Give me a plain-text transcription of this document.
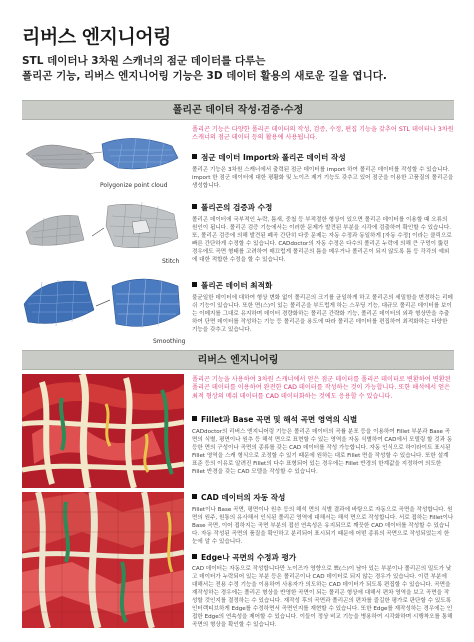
리버스 엔지니어링
STL 데이터나 3차원 스캐너의 점군 데이터를 다루는
폴리곤 기능, 리버스 엔지니어링 기능은 3D 데이터 활용의 새로운 길을 엽니다.
폴리곤 데이터 작성·검증·수정
Polygonize point cloud
Stitch
Smoothing
폴리곤 기능은 다양한 폴리곤 데이터의 작성, 검증, 수정, 편집 기능을 갖추어 STL 데이터나 3차원 스캐너의 점군 데이터 등의 활용에 사용됩니다.
점군 데이터 Import와 폴리곤 데이터 작성
폴리곤 기능은 3차원 스캐너에서 출력된 점군 데이터를 import 하여 폴리곤 데이터를 작성할 수 있습니다. import 한 점군 데이터에 대한 평활화 및 노이즈 제거 기능도 갖추고 있어 점군을 이용한 고품질의 폴리곤을 생성합니다.
폴리곤의 검증과 수정
폴리곤 데이터에 국부적인 누락, 틈새, 중첩 등 부적절한 형상이 있으면 폴리곤 데이터를 이용할 때 오류의 원인이 됩니다. 폴리곤 검증 기능에서는 이러한 문제가 발견된 부분을 시각에 검출하여 확인할 수 있습니다. 또, 폴리곤 검증에 의해 발견된 폐곡 간단히 다중 문제는 자동 수정과 동일하게 [자동 수정] 이라는 클릭으로 빠른 간단하게 수정할 수 있습니다. CADdoctor의 자동 수정은 다수의 폴리곤 누락에 의해 큰 구멍이 뚫린 경우에도 곡면 형태를 고려하여 매끄럽게 폴리곤의 틈을 메우거나 폴리곤이 되지 않도록 틈 등 각각의 예외에 대한 적합한 수정을 할 수 있습니다.
폴리곤 데이터 최적화
불균일한 데이터에 대하여 형상 변화 없이 폴리곤의 크기를 균일하게 하고 폴리곤의 세밀함을 변경하는 리메쉬 기능이 있습니다. 또한 면(스)이 있는 폴리곤을 부드럽게 하는 스무딩 기능, 대규모 폴리곤 데이터를 보이는 이메지를 그대로 유지하며 데이터 경량화하는 폴리곤 간략화 기능, 폴리곤 데이터의 외곽 형상만을 추출하여 단면 데이터를 작성하는 기능 등 폴리곤을 용도에 따라 폴리곤 데이터를 편집하여 최적화하는 다양한 기능을 갖추고 있습니다.
리버스 엔지니어링
폴리곤 기능을 사용하여 3차원 스캐너에서 얻은 점군 데이터를 폴리곤 데이터로 변환하여 변환된 폴리곤 데이터를 이용하여 완전한 CAD 데이터를 작성하는 것이 가능합니다. 또한 해석에서 얻은 최적 형상의 메쉬 데이터를 CAD 데이터화하는 것에도 응용할 수 있습니다.
Fillet과 Base 곡면 및 해석 곡면 영역의 식별
CADdoctor의 리버스 엔지니어링 기능은 폴리곤 데이터의 곡률 분포 등을 이용하여 Fillet 부분과 Base 곡면의 식별, 평면이나 원추 등 해석 면으로 표현할 수 있는 영역을 자동 식별하여 CAD에서 모델링 할 것과 동등한 면의 구성이나 곡면의 종류를 갖는 CAD 데이터를 작성 가능합니다. 자동 인식으로 하이라이트 표시된 Fillet 영역을 스캐 형식으로 조정할 수 있기 때문에 원하는 대로 Fillet 면을 작성할 수 있습니다. 또한 설계 표준 등의 이유로 알려진 Fillet의 다수 표형되어 있는 경우에는 Fillet 반경의 한계값을 지정하여 의도한 Fillet 반경을 갖는 CAD 모델을 작성할 수 있습니다.
CAD 데이터의 자동 작성
Fillet이나 Base 곡면, 평면이나 원추 등의 해석 면의 식별 결과에 바탕으로 자동으로 곡면을 작성합니다. 원면의 원주, 원통의 유사해서 인식된 폴리곤 영역에 대해서는 해석 면으로 작성합니다. 서로 접하는 Fillet이나 Base 곡면, 이어 접하지는 곡면 부분의 접선 연속성은 유지되므로 깨끗한 CAD 데이터를 작성할 수 있습니다. 자동 작성된 곡면의 품질을 확인하고 분리되어 표시되기 때문에 어떤 종류의 곡면으로 작성되었는지 한눈에 알 수 있습니다.
Edge나 곡면의 수정과 평가
CAD 데이터는 자동으로 작성합니다만 노이즈가 영향으로 뾰(스)이 남아 있는 부분이나 폴리곤의 밀도가 낮고 데이터가 누락되어 있는 부분 등은 폴리곤이나 CAD 데이터로 되지 않는 경우가 있습니다. 이런 부분에 대해서는 전용 수정 기능을 이용하여 사용자가 의도하는 CAD 데이터가 되도록 편집할 수 있습니다. 곡면을 재작성하는 경우에는 폴리곤 형상을 반영한 곡면이 되는 폴리곤 형상에 대해서 편차 영역을 보고 곡면을 작성할 것인지를 결정하는 수 있습니다. 재작성 후의 곡면과 폴리곤의 편차를 즐길한 평가로 판단할 수 있도록 인터랙티브하게 Edge를 수정하면서 곡면인지를 재현할 수 있습니다. 또한 Edge를 재작성하는 경우에는 인접한 Edge의 연속성을 제어할 수 있습니다. 이들이 정상 비교 기능을 병용하여 시각화하며 시행착오를 통해 곡면의 형상을 확인할 수 있습니다.
